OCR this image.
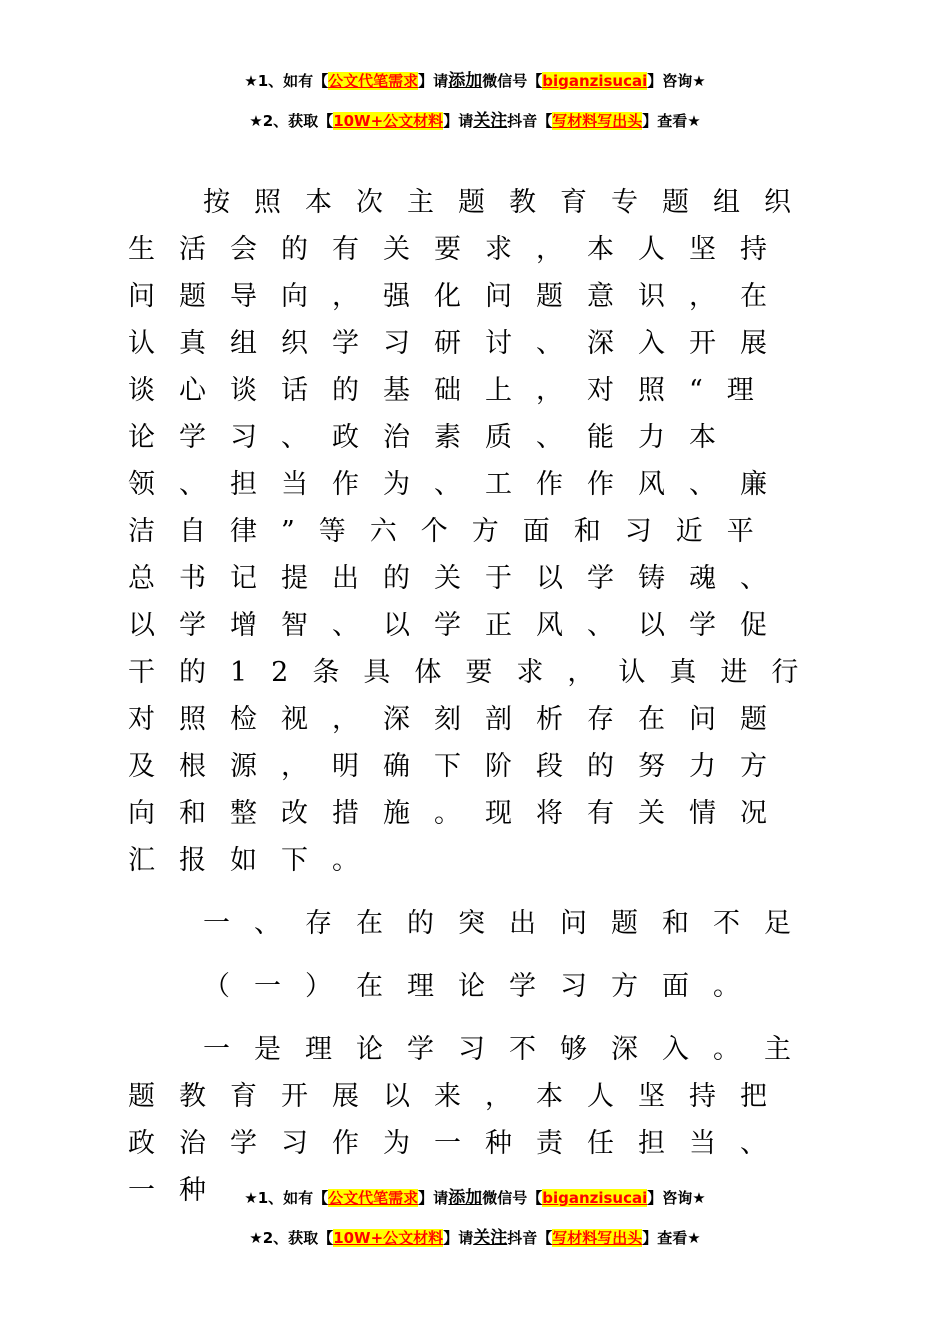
★1、如有【公文代笔需求】请添加微信号【biganzisucai】咨询★
★2、获取【10W+公文材料】请关注抖音【写材料写出头】查看★

按照本次主题教育专题组织生活会的有关要求，本人坚持问题导向，强化问题意识，在认真组织学习研讨、深入开展谈心谈话的基础上，对照“理论学习、政治素质、能力本领、担当作为、工作作风、廉洁自律”等六个方面和习近平总书记提出的关于以学铸魂、以学增智、以学正风、以学促干的12条具体要求，认真进行对照检视，深刻剖析存在问题及根源，明确下阶段的努力方向和整改措施。现将有关情况汇报如下。

一、存在的突出问题和不足

（一）在理论学习方面。

一是理论学习不够深入。主题教育开展以来，本人坚持把政治学习作为一种责任担当、一种 ★1、如有【公文代笔需求】请添加微信号【biganzisucai】咨询★
★2、获取【10W+公文材料】请关注抖音【写材料写出头】查看★
